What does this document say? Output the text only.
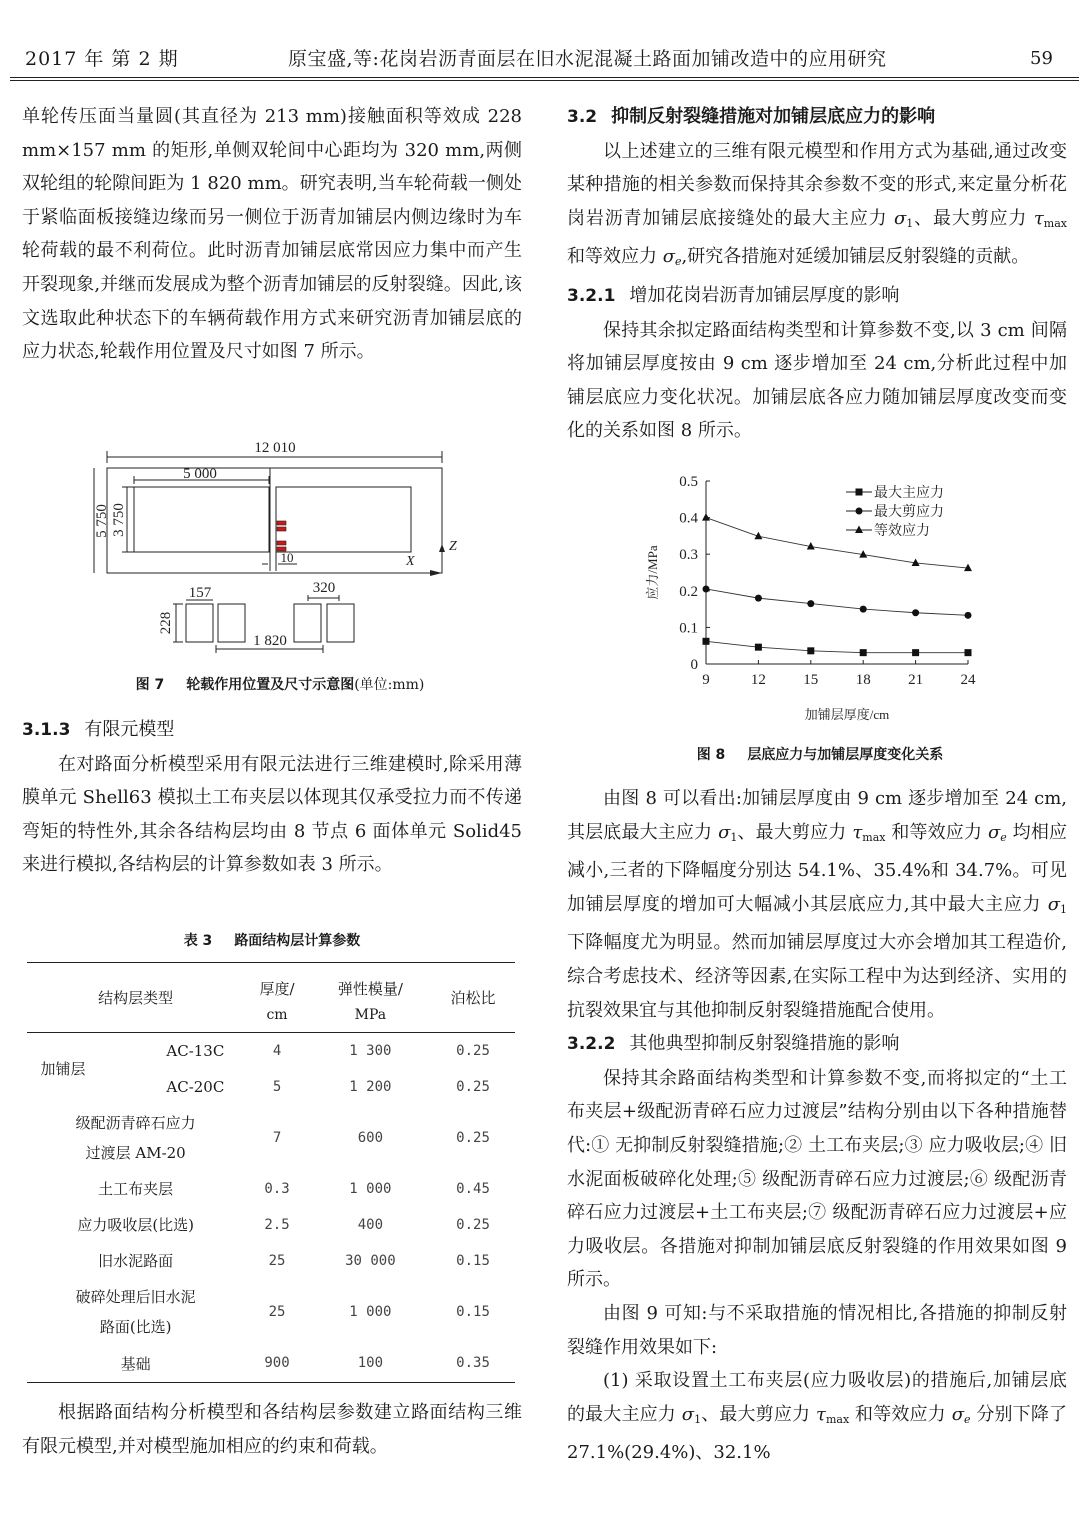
2017 年 第 2 期	原宝盛,等:花岗岩沥青面层在旧水泥混凝土路面加铺改造中的应用研究	59

单轮传压面当量圆(其直径为 213 mm)接触面积等效成 228 mm×157 mm 的矩形,单侧双轮间中心距均为 320 mm,两侧双轮组的轮隙间距为 1 820 mm。研究表明,当车轮荷载一侧处于紧临面板接缝边缘而另一侧位于沥青加铺层内侧边缘时为车轮荷载的最不利荷位。此时沥青加铺层底常因应力集中而产生开裂现象,并继而发展成为整个沥青加铺层的反射裂缝。因此,该文选取此种状态下的车辆荷载作用方式来研究沥青加铺层底的应力状态,轮载作用位置及尺寸如图 7 所示。

12 010
5 000
5 750 3 750
10	X
Z
157
228
320
1 820
图 7 轮载作用位置及尺寸示意图(单位:mm)

3.1.3 有限元模型

在对路面分析模型采用有限元法进行三维建模时,除采用薄膜单元 Shell63 模拟土工布夹层以体现其仅承受拉力而不传递弯矩的特性外,其余各结构层均由 8 节点 6 面体单元 Solid45 来进行模拟,各结构层的计算参数如表 3 所示。

表 3 路面结构层计算参数
结构层类型		厚度/	弹性模量/	泊松比
		cm	MPa	
加铺层	AC-13C	4	1 300	0.25
	AC-20C	5	1 200	0.25
级配沥青碎石应力
过渡层 AM-20		7	600	0.25
土工布夹层		0.3	1 000	0.45
应力吸收层(比选)		2.5	400	0.25
旧水泥路面		25	30 000	0.15
破碎处理后旧水泥
路面(比选)		25	1 000	0.15
基础		900	100	0.35

根据路面结构分析模型和各结构层参数建立路面结构三维有限元模型,并对模型施加相应的约束和荷载。

3.2 抑制反射裂缝措施对加铺层底应力的影响

以上述建立的三维有限元模型和作用方式为基础,通过改变某种措施的相关参数而保持其余参数不变的形式,来定量分析花岗岩沥青加铺层底接缝处的最大主应力 $\sigma_1$、最大剪应力 $\tau_{max}$ 和等效应力 $\sigma_e$,研究各措施对延缓加铺层反射裂缝的贡献。

3.2.1 增加花岗岩沥青加铺层厚度的影响

保持其余拟定路面结构类型和计算参数不变,以 3 cm 间隔将加铺层厚度按由 9 cm 逐步增加至 24 cm,分析此过程中加铺层底应力变化状况。加铺层底各应力随加铺层厚度改变而变化的关系如图 8 所示。

0
0.1
0.2
0.3
0.4
0.5
9	12 15 18 21 24
加铺层厚度/cm
应力/MPa
最大主应力
最大剪应力
等效应力
图 8 层底应力与加铺层厚度变化关系

由图 8 可以看出:加铺层厚度由 9 cm 逐步增加至 24 cm,其层底最大主应力 $\sigma_1$、最大剪应力 $\tau_{max}$ 和等效应力 $\sigma_e$ 均相应减小,三者的下降幅度分别达 54.1%、35.4%和 34.7%。可见加铺层厚度的增加可大幅减小其层底应力,其中最大主应力 $\sigma_1$ 下降幅度尤为明显。然而加铺层厚度过大亦会增加其工程造价,综合考虑技术、经济等因素,在实际工程中为达到经济、实用的抗裂效果宜与其他抑制反射裂缝措施配合使用。

3.2.2 其他典型抑制反射裂缝措施的影响

保持其余路面结构类型和计算参数不变,而将拟定的“土工布夹层+级配沥青碎石应力过渡层”结构分别由以下各种措施替代:① 无抑制反射裂缝措施;② 土工布夹层;③ 应力吸收层;④ 旧水泥面板破碎化处理;⑤ 级配沥青碎石应力过渡层;⑥ 级配沥青碎石应力过渡层+土工布夹层;⑦ 级配沥青碎石应力过渡层+应力吸收层。各措施对抑制加铺层底反射裂缝的作用效果如图 9 所示。

由图 9 可知:与不采取措施的情况相比,各措施的抑制反射裂缝作用效果如下:

(1) 采取设置土工布夹层(应力吸收层)的措施后,加铺层底的最大主应力 $\sigma_1$、最大剪应力 $\tau_{max}$ 和等效应力 $\sigma_e$ 分别下降了 27.1%(29.4%)、32.1%
